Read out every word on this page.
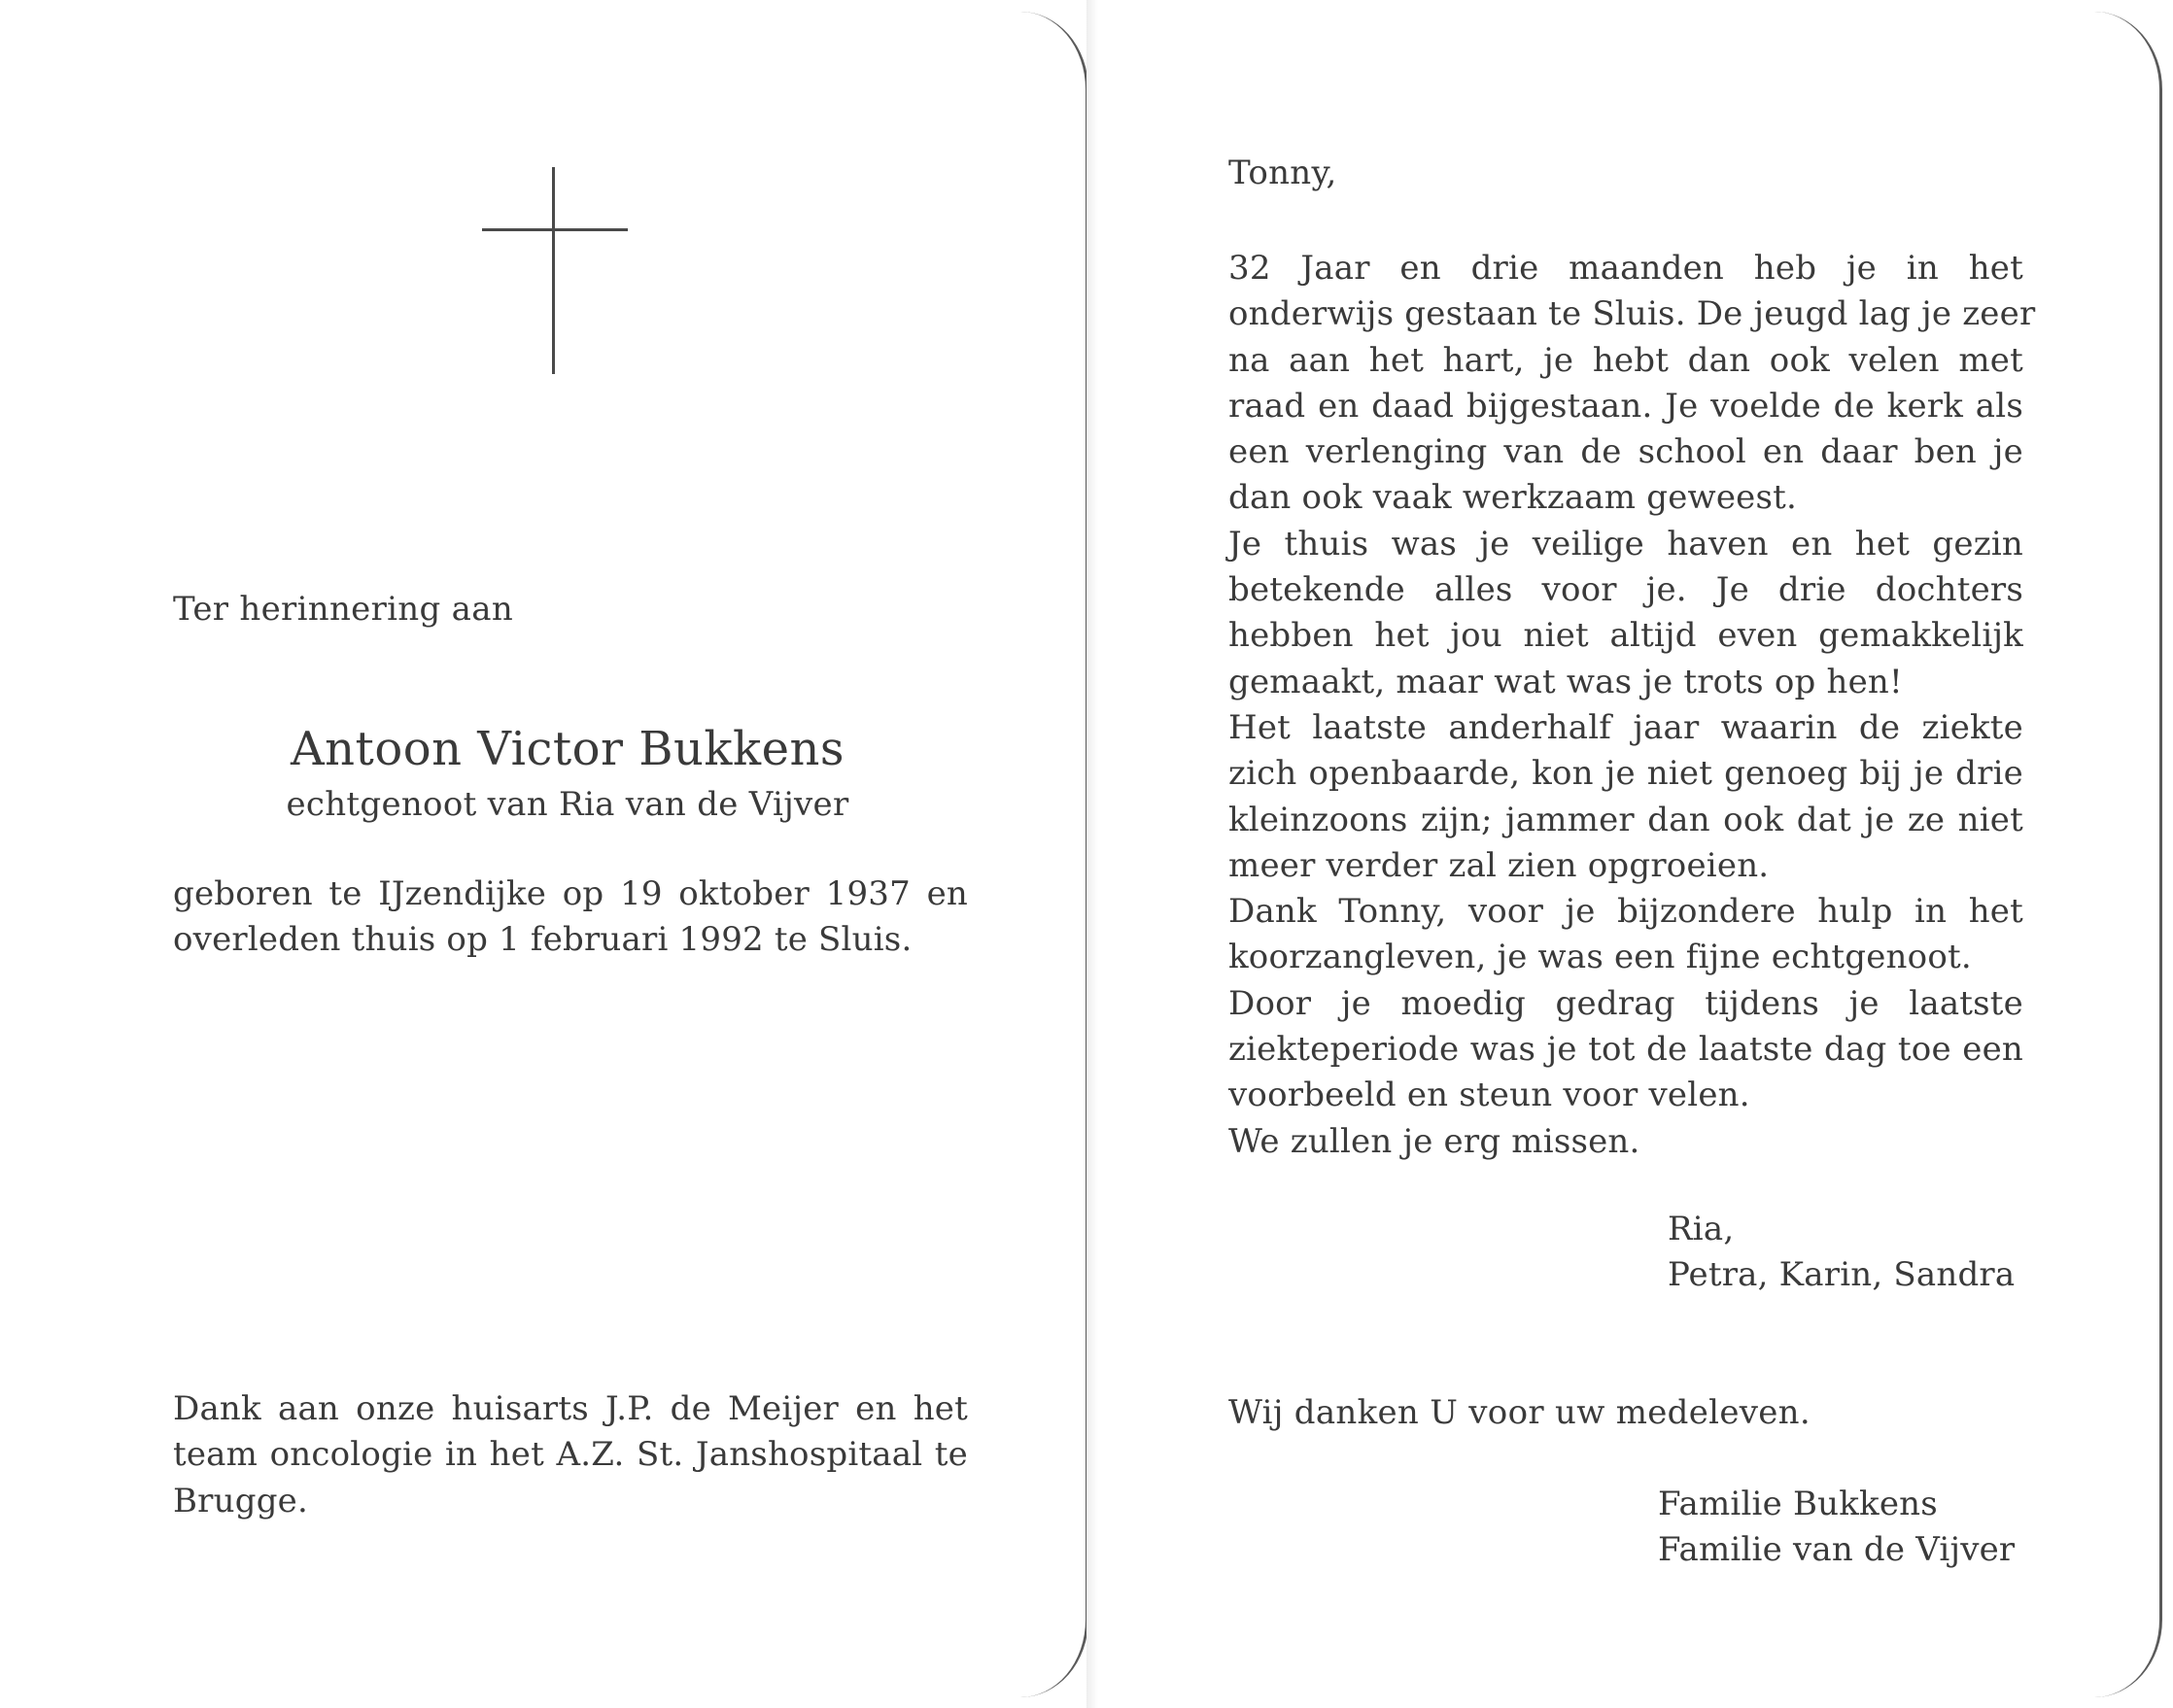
Ter herinnering aan
Antoon Victor Bukkens
echtgenoot van Ria van de Vijver
geboren te IJzendijke op 19 oktober 1937 en
overleden thuis op 1 februari 1992 te Sluis.
Dank aan onze huisarts J.P. de Meijer en het
team oncologie in het A.Z. St. Janshospitaal te
Brugge.
Tonny,
32 Jaar en drie maanden heb je in het
onderwijs gestaan te Sluis. De jeugd lag je zeer
na aan het hart, je hebt dan ook velen met
raad en daad bijgestaan. Je voelde de kerk als
een verlenging van de school en daar ben je
dan ook vaak werkzaam geweest.
Je thuis was je veilige haven en het gezin
betekende alles voor je. Je drie dochters
hebben het jou niet altijd even gemakkelijk
gemaakt, maar wat was je trots op hen!
Het laatste anderhalf jaar waarin de ziekte
zich openbaarde, kon je niet genoeg bij je drie
kleinzoons zijn; jammer dan ook dat je ze niet
meer verder zal zien opgroeien.
Dank Tonny, voor je bijzondere hulp in het
koorzangleven, je was een fijne echtgenoot.
Door je moedig gedrag tijdens je laatste
ziekteperiode was je tot de laatste dag toe een
voorbeeld en steun voor velen.
We zullen je erg missen.
Ria,
Petra, Karin, Sandra
Wij danken U voor uw medeleven.
Familie Bukkens
Familie van de Vijver
